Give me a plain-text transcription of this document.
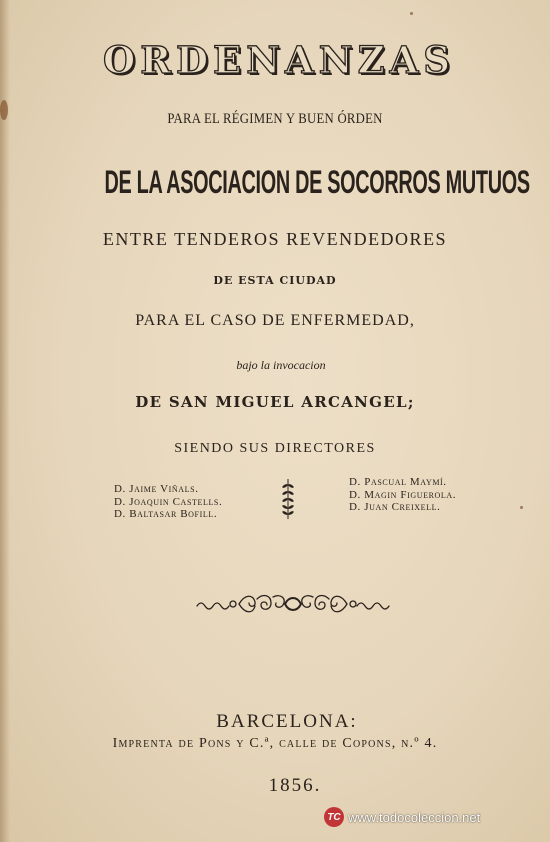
ORDENANZAS
PARA EL RÉGIMEN Y BUEN ÓRDEN
DE LA ASOCIACION DE SOCORROS MUTUOS
ENTRE TENDEROS REVENDEDORES
DE ESTA CIUDAD
PARA EL CASO DE ENFERMEDAD,
bajo la invocacion
DE SAN MIGUEL ARCANGEL;
SIENDO SUS DIRECTORES
D. Jaime Viñals.
D. Joaquin Castells.
D. Baltasar Bofill.
D. Pascual Maymí.
D. Magin Figuerola.
D. Juan Creixell.
BARCELONA:
Imprenta de Pons y C.ª, calle de Copons, n.º 4.
1856.
TC www.todocoleccion.net
